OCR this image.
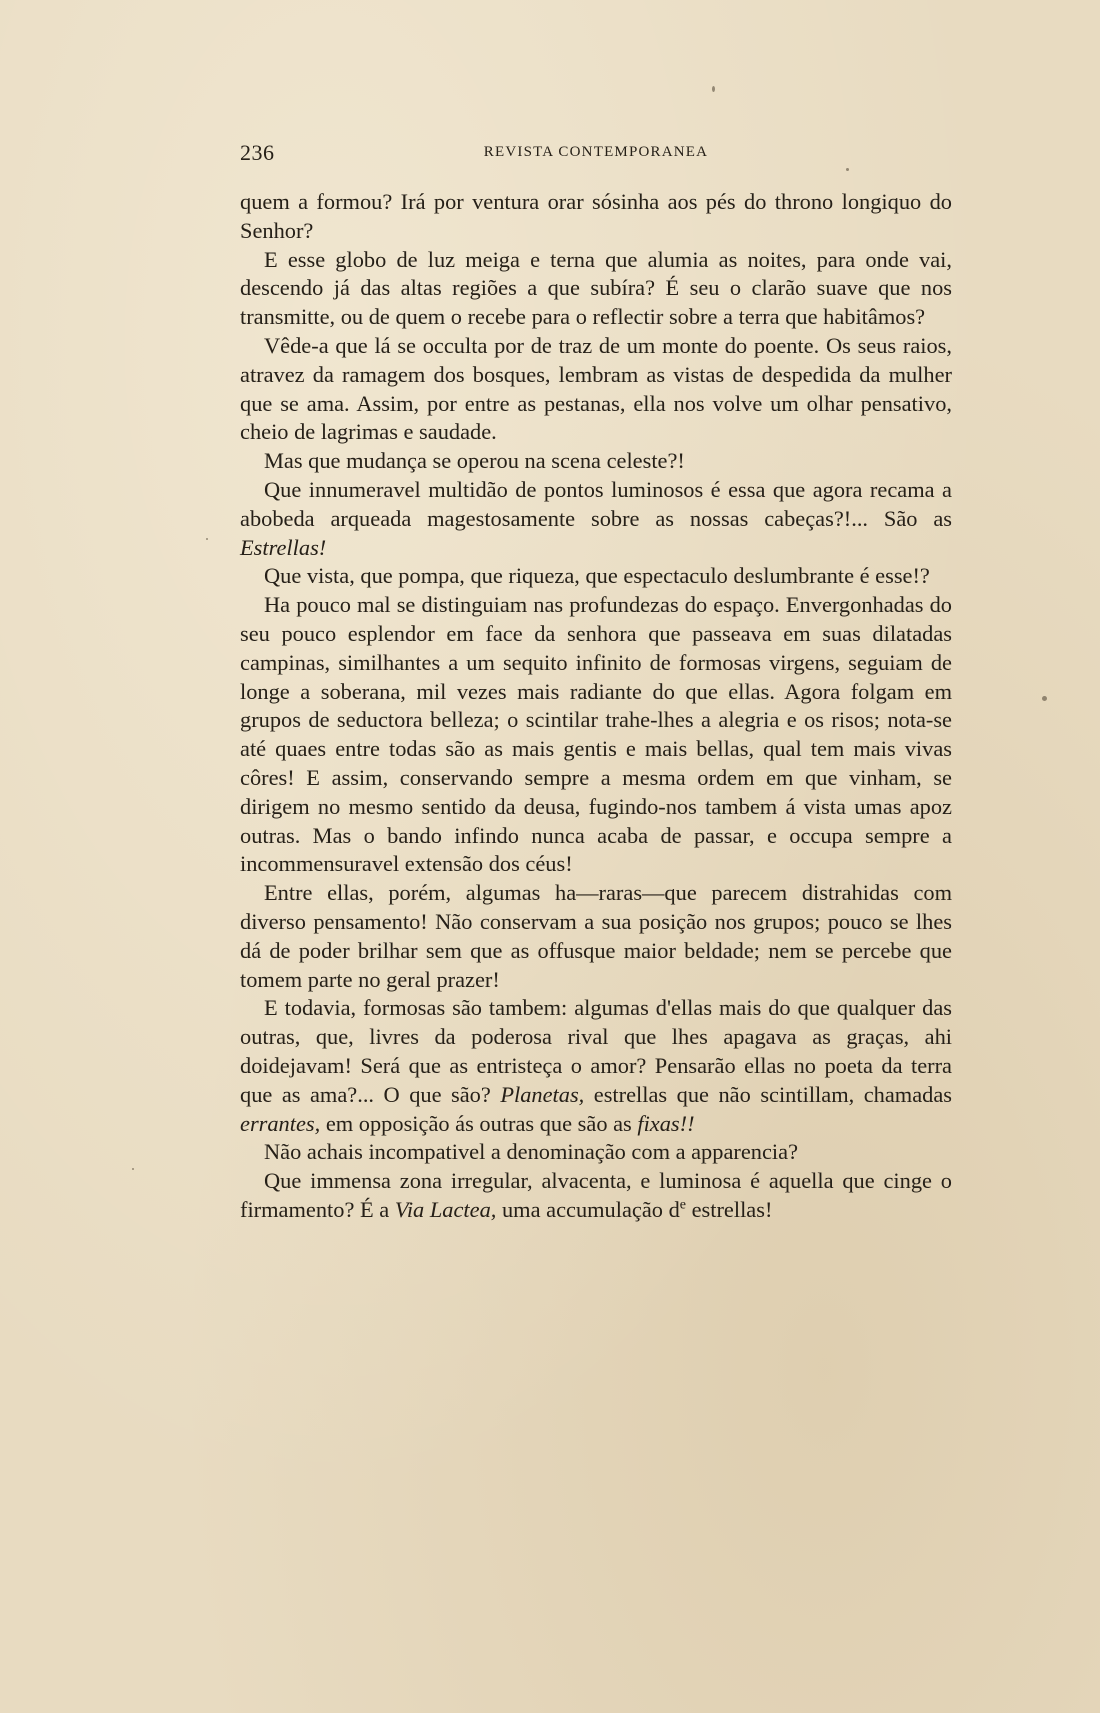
236	REVISTA CONTEMPORANEA

quem a formou? Irá por ventura orar sósinha aos pés do throno longiquo do Senhor?

E esse globo de luz meiga e terna que alumia as noites, para onde vai, descendo já das altas regiões a que subíra? É seu o clarão suave que nos transmitte, ou de quem o recebe para o reflectir sobre a terra que habitâmos?

Vêde-a que lá se occulta por de traz de um monte do poente. Os seus raios, atravez da ramagem dos bosques, lembram as vistas de despedida da mulher que se ama. Assim, por entre as pestanas, ella nos volve um olhar pensativo, cheio de lagrimas e saudade.

Mas que mudança se operou na scena celeste?!

Que innumeravel multidão de pontos luminosos é essa que agora recama a abobeda arqueada magestosamente sobre as nossas cabeças?!... São as Estrellas!

Que vista, que pompa, que riqueza, que espectaculo deslumbrante é esse!?

Ha pouco mal se distinguiam nas profundezas do espaço. Envergonhadas do seu pouco esplendor em face da senhora que passeava em suas dilatadas campinas, similhantes a um sequito infinito de formosas virgens, seguiam de longe a soberana, mil vezes mais radiante do que ellas. Agora folgam em grupos de seductora belleza; o scintilar trahe-lhes a alegria e os risos; nota-se até quaes entre todas são as mais gentis e mais bellas, qual tem mais vivas côres! E assim, conservando sempre a mesma ordem em que vinham, se dirigem no mesmo sentido da deusa, fugindo-nos tambem á vista umas apoz outras. Mas o bando infindo nunca acaba de passar, e occupa sempre a incommensuravel extensão dos céus!

Entre ellas, porém, algumas ha—raras—que parecem distrahidas com diverso pensamento! Não conservam a sua posição nos grupos; pouco se lhes dá de poder brilhar sem que as offusque maior beldade; nem se percebe que tomem parte no geral prazer!

E todavia, formosas são tambem: algumas d'ellas mais do que qualquer das outras, que, livres da poderosa rival que lhes apagava as graças, ahi doidejavam! Será que as entristeça o amor? Pensarão ellas no poeta da terra que as ama?... O que são? Planetas, estrellas que não scintillam, chamadas errantes, em opposição ás outras que são as fixas!!

Não achais incompativel a denominação com a apparencia?

Que immensa zona irregular, alvacenta, e luminosa é aquella que cinge o firmamento? É a Via Lactea, uma accumulação $d^e$ estrellas!
